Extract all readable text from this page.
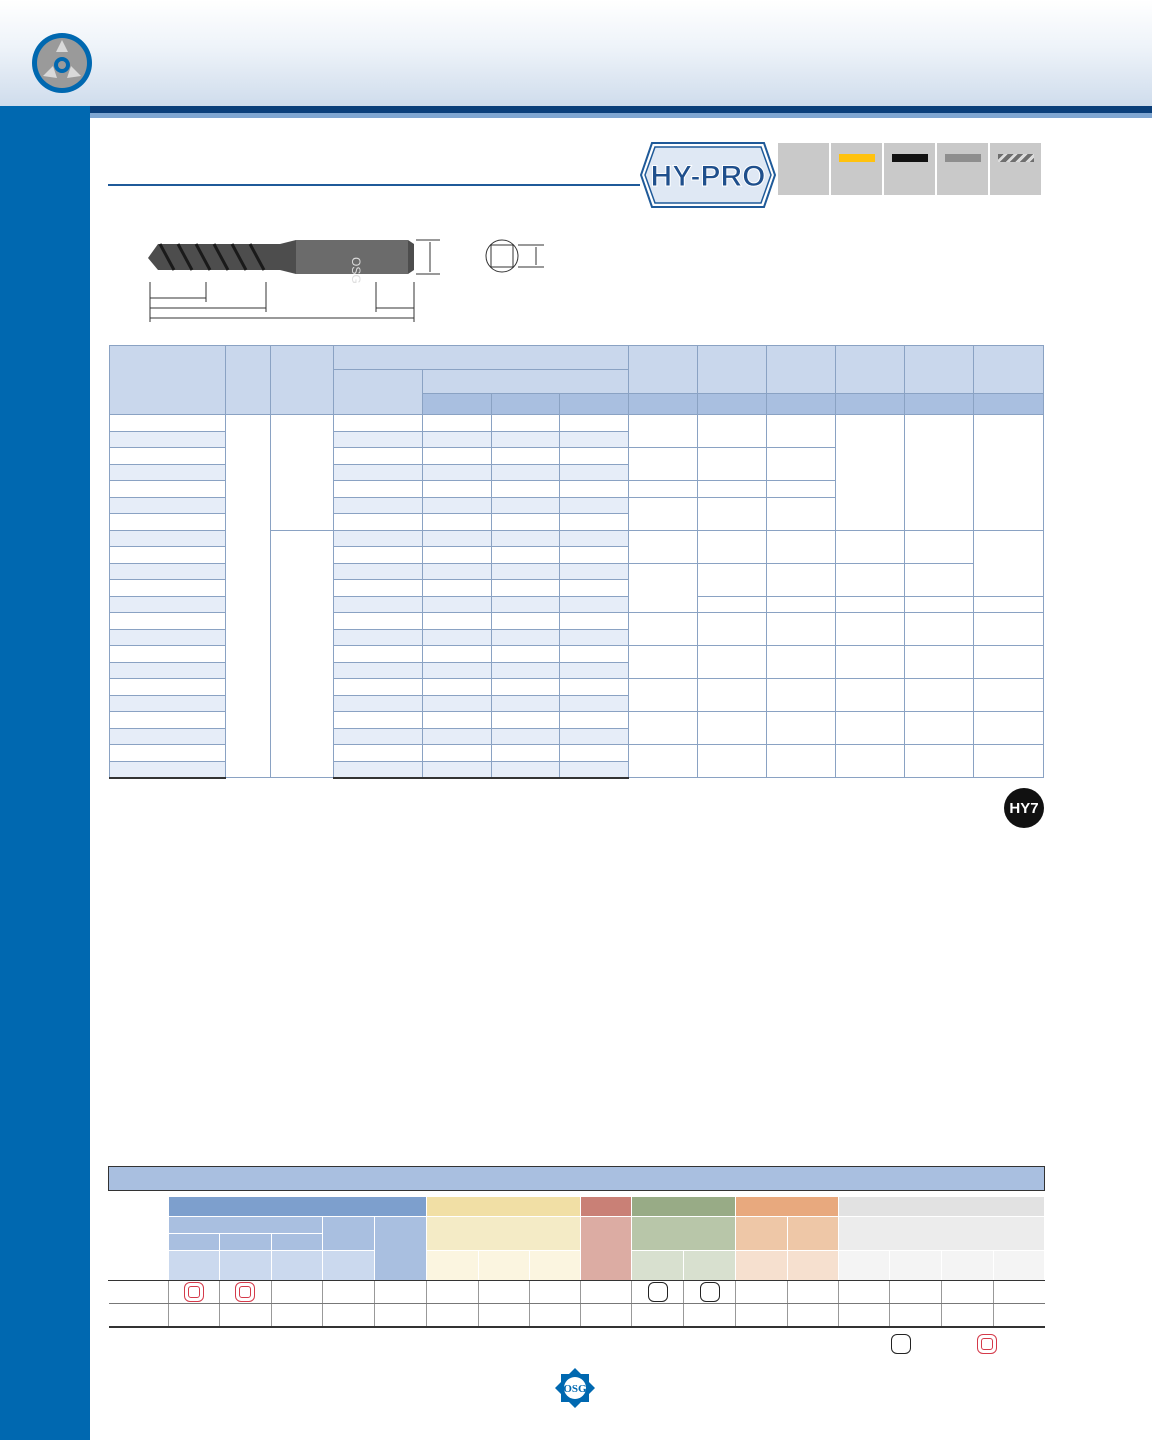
HY-PRO
OSG

HY7

OSG
